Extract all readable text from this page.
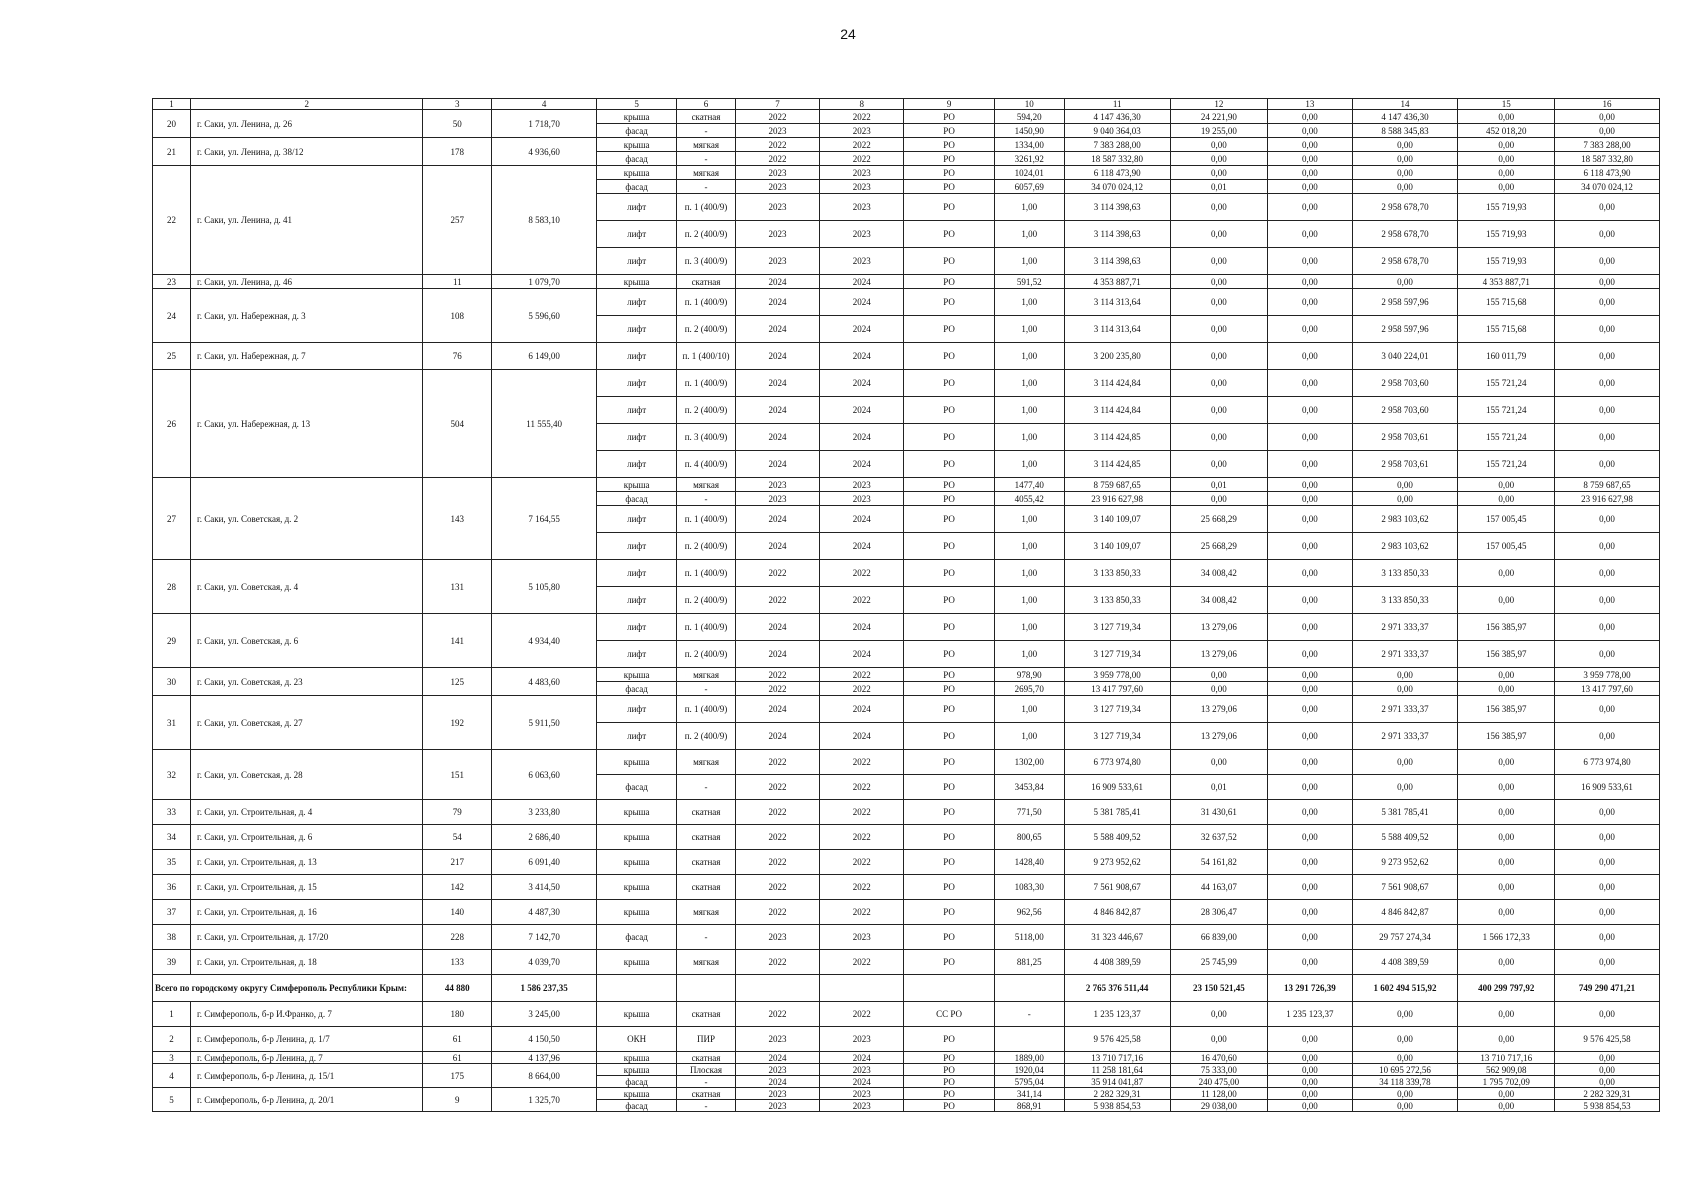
24
1	2	3	4	5	6	7	8	9	10	11	12	13	14	15	16
20	г. Саки, ул. Ленина, д. 26	50	1 718,70	крыша	скатная	2022	2022	РО	594,20	4 147 436,30	24 221,90	0,00	4 147 436,30	0,00	0,00
				фасад	-	2023	2023	РО	1450,90	9 040 364,03	19 255,00	0,00	8 588 345,83	452 018,20	0,00
21	г. Саки, ул. Ленина, д. 38/12	178	4 936,60	крыша	мягкая	2022	2022	РО	1334,00	7 383 288,00	0,00	0,00	0,00	0,00	7 383 288,00
				фасад	-	2022	2022	РО	3261,92	18 587 332,80	0,00	0,00	0,00	0,00	18 587 332,80
22	г. Саки, ул. Ленина, д. 41	257	8 583,10	крыша	мягкая	2023	2023	РО	1024,01	6 118 473,90	0,00	0,00	0,00	0,00	6 118 473,90
				фасад	-	2023	2023	РО	6057,69	34 070 024,12	0,01	0,00	0,00	0,00	34 070 024,12
				лифт	п. 1 (400/9)	2023	2023	РО	1,00	3 114 398,63	0,00	0,00	2 958 678,70	155 719,93	0,00
				лифт	п. 2 (400/9)	2023	2023	РО	1,00	3 114 398,63	0,00	0,00	2 958 678,70	155 719,93	0,00
				лифт	п. 3 (400/9)	2023	2023	РО	1,00	3 114 398,63	0,00	0,00	2 958 678,70	155 719,93	0,00
23	г. Саки, ул. Ленина, д. 46	11	1 079,70	крыша	скатная	2024	2024	РО	591,52	4 353 887,71	0,00	0,00	0,00	4 353 887,71	0,00
24	г. Саки, ул. Набережная, д. 3	108	5 596,60	лифт	п. 1 (400/9)	2024	2024	РО	1,00	3 114 313,64	0,00	0,00	2 958 597,96	155 715,68	0,00
				лифт	п. 2 (400/9)	2024	2024	РО	1,00	3 114 313,64	0,00	0,00	2 958 597,96	155 715,68	0,00
25	г. Саки, ул. Набережная, д. 7	76	6 149,00	лифт	п. 1 (400/10)	2024	2024	РО	1,00	3 200 235,80	0,00	0,00	3 040 224,01	160 011,79	0,00
26	г. Саки, ул. Набережная, д. 13	504	11 555,40	лифт	п. 1 (400/9)	2024	2024	РО	1,00	3 114 424,84	0,00	0,00	2 958 703,60	155 721,24	0,00
				лифт	п. 2 (400/9)	2024	2024	РО	1,00	3 114 424,84	0,00	0,00	2 958 703,60	155 721,24	0,00
				лифт	п. 3 (400/9)	2024	2024	РО	1,00	3 114 424,85	0,00	0,00	2 958 703,61	155 721,24	0,00
				лифт	п. 4 (400/9)	2024	2024	РО	1,00	3 114 424,85	0,00	0,00	2 958 703,61	155 721,24	0,00
27	г. Саки, ул. Советская, д. 2	143	7 164,55	крыша	мягкая	2023	2023	РО	1477,40	8 759 687,65	0,01	0,00	0,00	0,00	8 759 687,65
				фасад	-	2023	2023	РО	4055,42	23 916 627,98	0,00	0,00	0,00	0,00	23 916 627,98
				лифт	п. 1 (400/9)	2024	2024	РО	1,00	3 140 109,07	25 668,29	0,00	2 983 103,62	157 005,45	0,00
				лифт	п. 2 (400/9)	2024	2024	РО	1,00	3 140 109,07	25 668,29	0,00	2 983 103,62	157 005,45	0,00
28	г. Саки, ул. Советская, д. 4	131	5 105,80	лифт	п. 1 (400/9)	2022	2022	РО	1,00	3 133 850,33	34 008,42	0,00	3 133 850,33	0,00	0,00
				лифт	п. 2 (400/9)	2022	2022	РО	1,00	3 133 850,33	34 008,42	0,00	3 133 850,33	0,00	0,00
29	г. Саки, ул. Советская, д. 6	141	4 934,40	лифт	п. 1 (400/9)	2024	2024	РО	1,00	3 127 719,34	13 279,06	0,00	2 971 333,37	156 385,97	0,00
				лифт	п. 2 (400/9)	2024	2024	РО	1,00	3 127 719,34	13 279,06	0,00	2 971 333,37	156 385,97	0,00
30	г. Саки, ул. Советская, д. 23	125	4 483,60	крыша	мягкая	2022	2022	РО	978,90	3 959 778,00	0,00	0,00	0,00	0,00	3 959 778,00
				фасад	-	2022	2022	РО	2695,70	13 417 797,60	0,00	0,00	0,00	0,00	13 417 797,60
31	г. Саки, ул. Советская, д. 27	192	5 911,50	лифт	п. 1 (400/9)	2024	2024	РО	1,00	3 127 719,34	13 279,06	0,00	2 971 333,37	156 385,97	0,00
				лифт	п. 2 (400/9)	2024	2024	РО	1,00	3 127 719,34	13 279,06	0,00	2 971 333,37	156 385,97	0,00
32	г. Саки, ул. Советская, д. 28	151	6 063,60	крыша	мягкая	2022	2022	РО	1302,00	6 773 974,80	0,00	0,00	0,00	0,00	6 773 974,80
				фасад	-	2022	2022	РО	3453,84	16 909 533,61	0,01	0,00	0,00	0,00	16 909 533,61
33	г. Саки, ул. Строительная, д. 4	79	3 233,80	крыша	скатная	2022	2022	РО	771,50	5 381 785,41	31 430,61	0,00	5 381 785,41	0,00	0,00
34	г. Саки, ул. Строительная, д. 6	54	2 686,40	крыша	скатная	2022	2022	РО	800,65	5 588 409,52	32 637,52	0,00	5 588 409,52	0,00	0,00
35	г. Саки, ул. Строительная, д. 13	217	6 091,40	крыша	скатная	2022	2022	РО	1428,40	9 273 952,62	54 161,82	0,00	9 273 952,62	0,00	0,00
36	г. Саки, ул. Строительная, д. 15	142	3 414,50	крыша	скатная	2022	2022	РО	1083,30	7 561 908,67	44 163,07	0,00	7 561 908,67	0,00	0,00
37	г. Саки, ул. Строительная, д. 16	140	4 487,30	крыша	мягкая	2022	2022	РО	962,56	4 846 842,87	28 306,47	0,00	4 846 842,87	0,00	0,00
38	г. Саки, ул. Строительная, д. 17/20	228	7 142,70	фасад	-	2023	2023	РО	5118,00	31 323 446,67	66 839,00	0,00	29 757 274,34	1 566 172,33	0,00
39	г. Саки, ул. Строительная, д. 18	133	4 039,70	крыша	мягкая	2022	2022	РО	881,25	4 408 389,59	25 745,99	0,00	4 408 389,59	0,00	0,00
Всего по городскому округу Симферополь Республики Крым:		44 880	1 586 237,35							2 765 376 511,44	23 150 521,45	13 291 726,39	1 602 494 515,92	400 299 797,92	749 290 471,21
1	г. Симферополь, б-р И.Франко, д. 7	180	3 245,00	крыша	скатная	2022	2022	СС РО	-	1 235 123,37	0,00	1 235 123,37	0,00	0,00	0,00
2	г. Симферополь, б-р Ленина, д. 1/7	61	4 150,50	ОКН	ПИР	2023	2023	РО		9 576 425,58	0,00	0,00	0,00	0,00	9 576 425,58
3	г. Симферополь, б-р Ленина, д. 7	61	4 137,96	крыша	скатная	2024	2024	РО	1889,00	13 710 717,16	16 470,60	0,00	0,00	13 710 717,16	0,00
4	г. Симферополь, б-р Ленина, д. 15/1	175	8 664,00	крыша	Плоская	2023	2023	РО	1920,04	11 258 181,64	75 333,00	0,00	10 695 272,56	562 909,08	0,00
				фасад	-	2024	2024	РО	5795,04	35 914 041,87	240 475,00	0,00	34 118 339,78	1 795 702,09	0,00
5	г. Симферополь, б-р Ленина, д. 20/1	9	1 325,70	крыша	скатная	2023	2023	РО	341,14	2 282 329,31	11 128,00	0,00	0,00	0,00	2 282 329,31
				фасад	-	2023	2023	РО	868,91	5 938 854,53	29 038,00	0,00	0,00	0,00	5 938 854,53
